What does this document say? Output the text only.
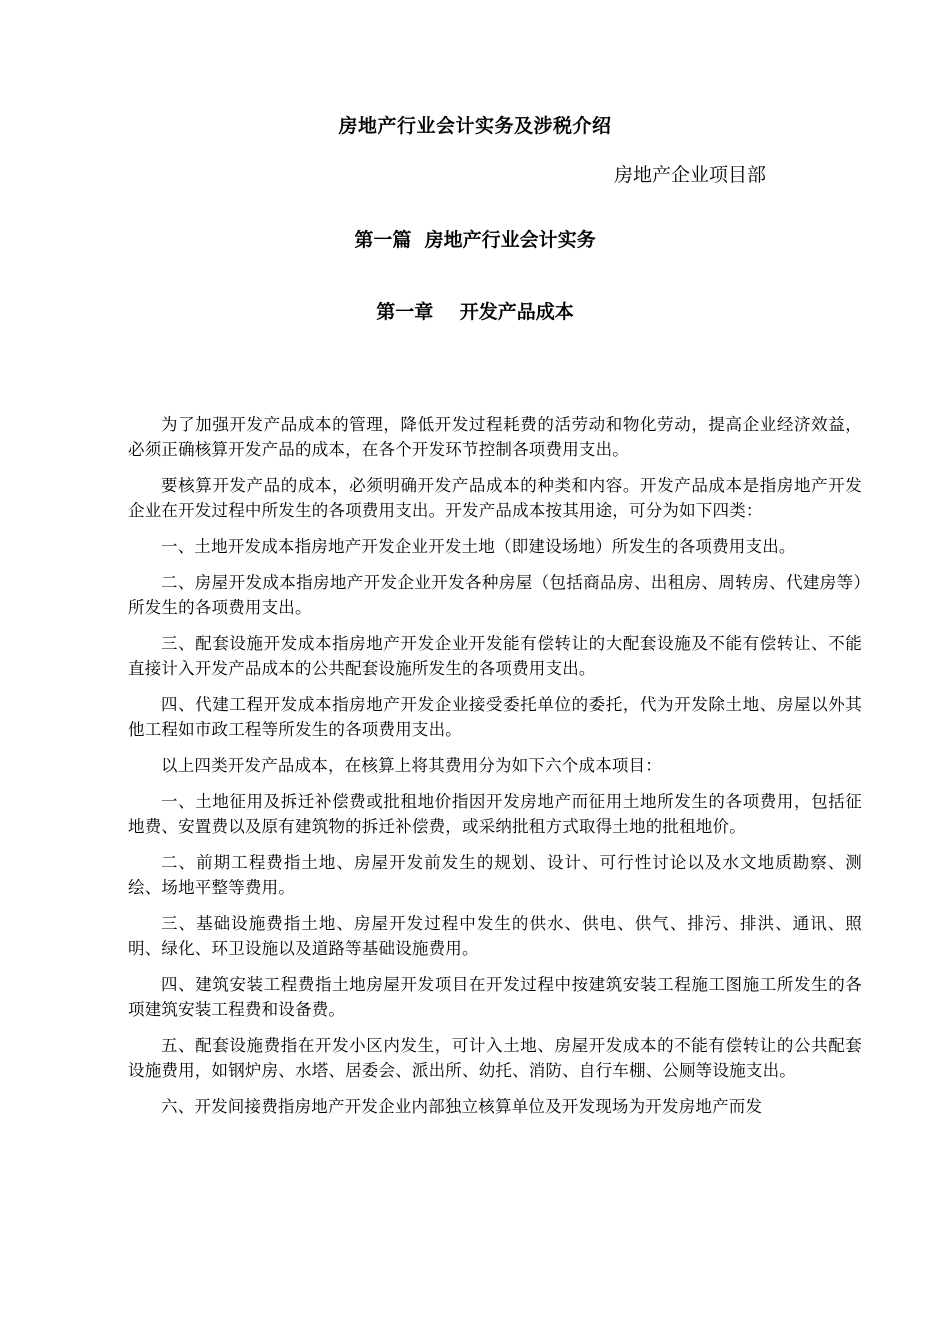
房地产行业会计实务及涉税介绍
房地产企业项目部
第一篇  房地产行业会计实务
第一章    开发产品成本

为了加强开发产品成本的管理，降低开发过程耗费的活劳动和物化劳动，提高企业经济效益，必须正确核算开发产品的成本，在各个开发环节控制各项费用支出。

要核算开发产品的成本，必须明确开发产品成本的种类和内容。开发产品成本是指房地产开发企业在开发过程中所发生的各项费用支出。开发产品成本按其用途，可分为如下四类：

一、土地开发成本指房地产开发企业开发土地（即建设场地）所发生的各项费用支出。

二、房屋开发成本指房地产开发企业开发各种房屋（包括商品房、出租房、周转房、代建房等）所发生的各项费用支出。

三、配套设施开发成本指房地产开发企业开发能有偿转让的大配套设施及不能有偿转让、不能直接计入开发产品成本的公共配套设施所发生的各项费用支出。

四、代建工程开发成本指房地产开发企业接受委托单位的委托，代为开发除土地、房屋以外其他工程如市政工程等所发生的各项费用支出。

以上四类开发产品成本，在核算上将其费用分为如下六个成本项目：

一、土地征用及拆迁补偿费或批租地价指因开发房地产而征用土地所发生的各项费用，包括征地费、安置费以及原有建筑物的拆迁补偿费，或采纳批租方式取得土地的批租地价。

二、前期工程费指土地、房屋开发前发生的规划、设计、可行性讨论以及水文地质勘察、测绘、场地平整等费用。

三、基础设施费指土地、房屋开发过程中发生的供水、供电、供气、排污、排洪、通讯、照明、绿化、环卫设施以及道路等基础设施费用。

四、建筑安装工程费指土地房屋开发项目在开发过程中按建筑安装工程施工图施工所发生的各项建筑安装工程费和设备费。

五、配套设施费指在开发小区内发生，可计入土地、房屋开发成本的不能有偿转让的公共配套设施费用，如钢炉房、水塔、居委会、派出所、幼托、消防、自行车棚、公厕等设施支出。

六、开发间接费指房地产开发企业内部独立核算单位及开发现场为开发房地产而发
